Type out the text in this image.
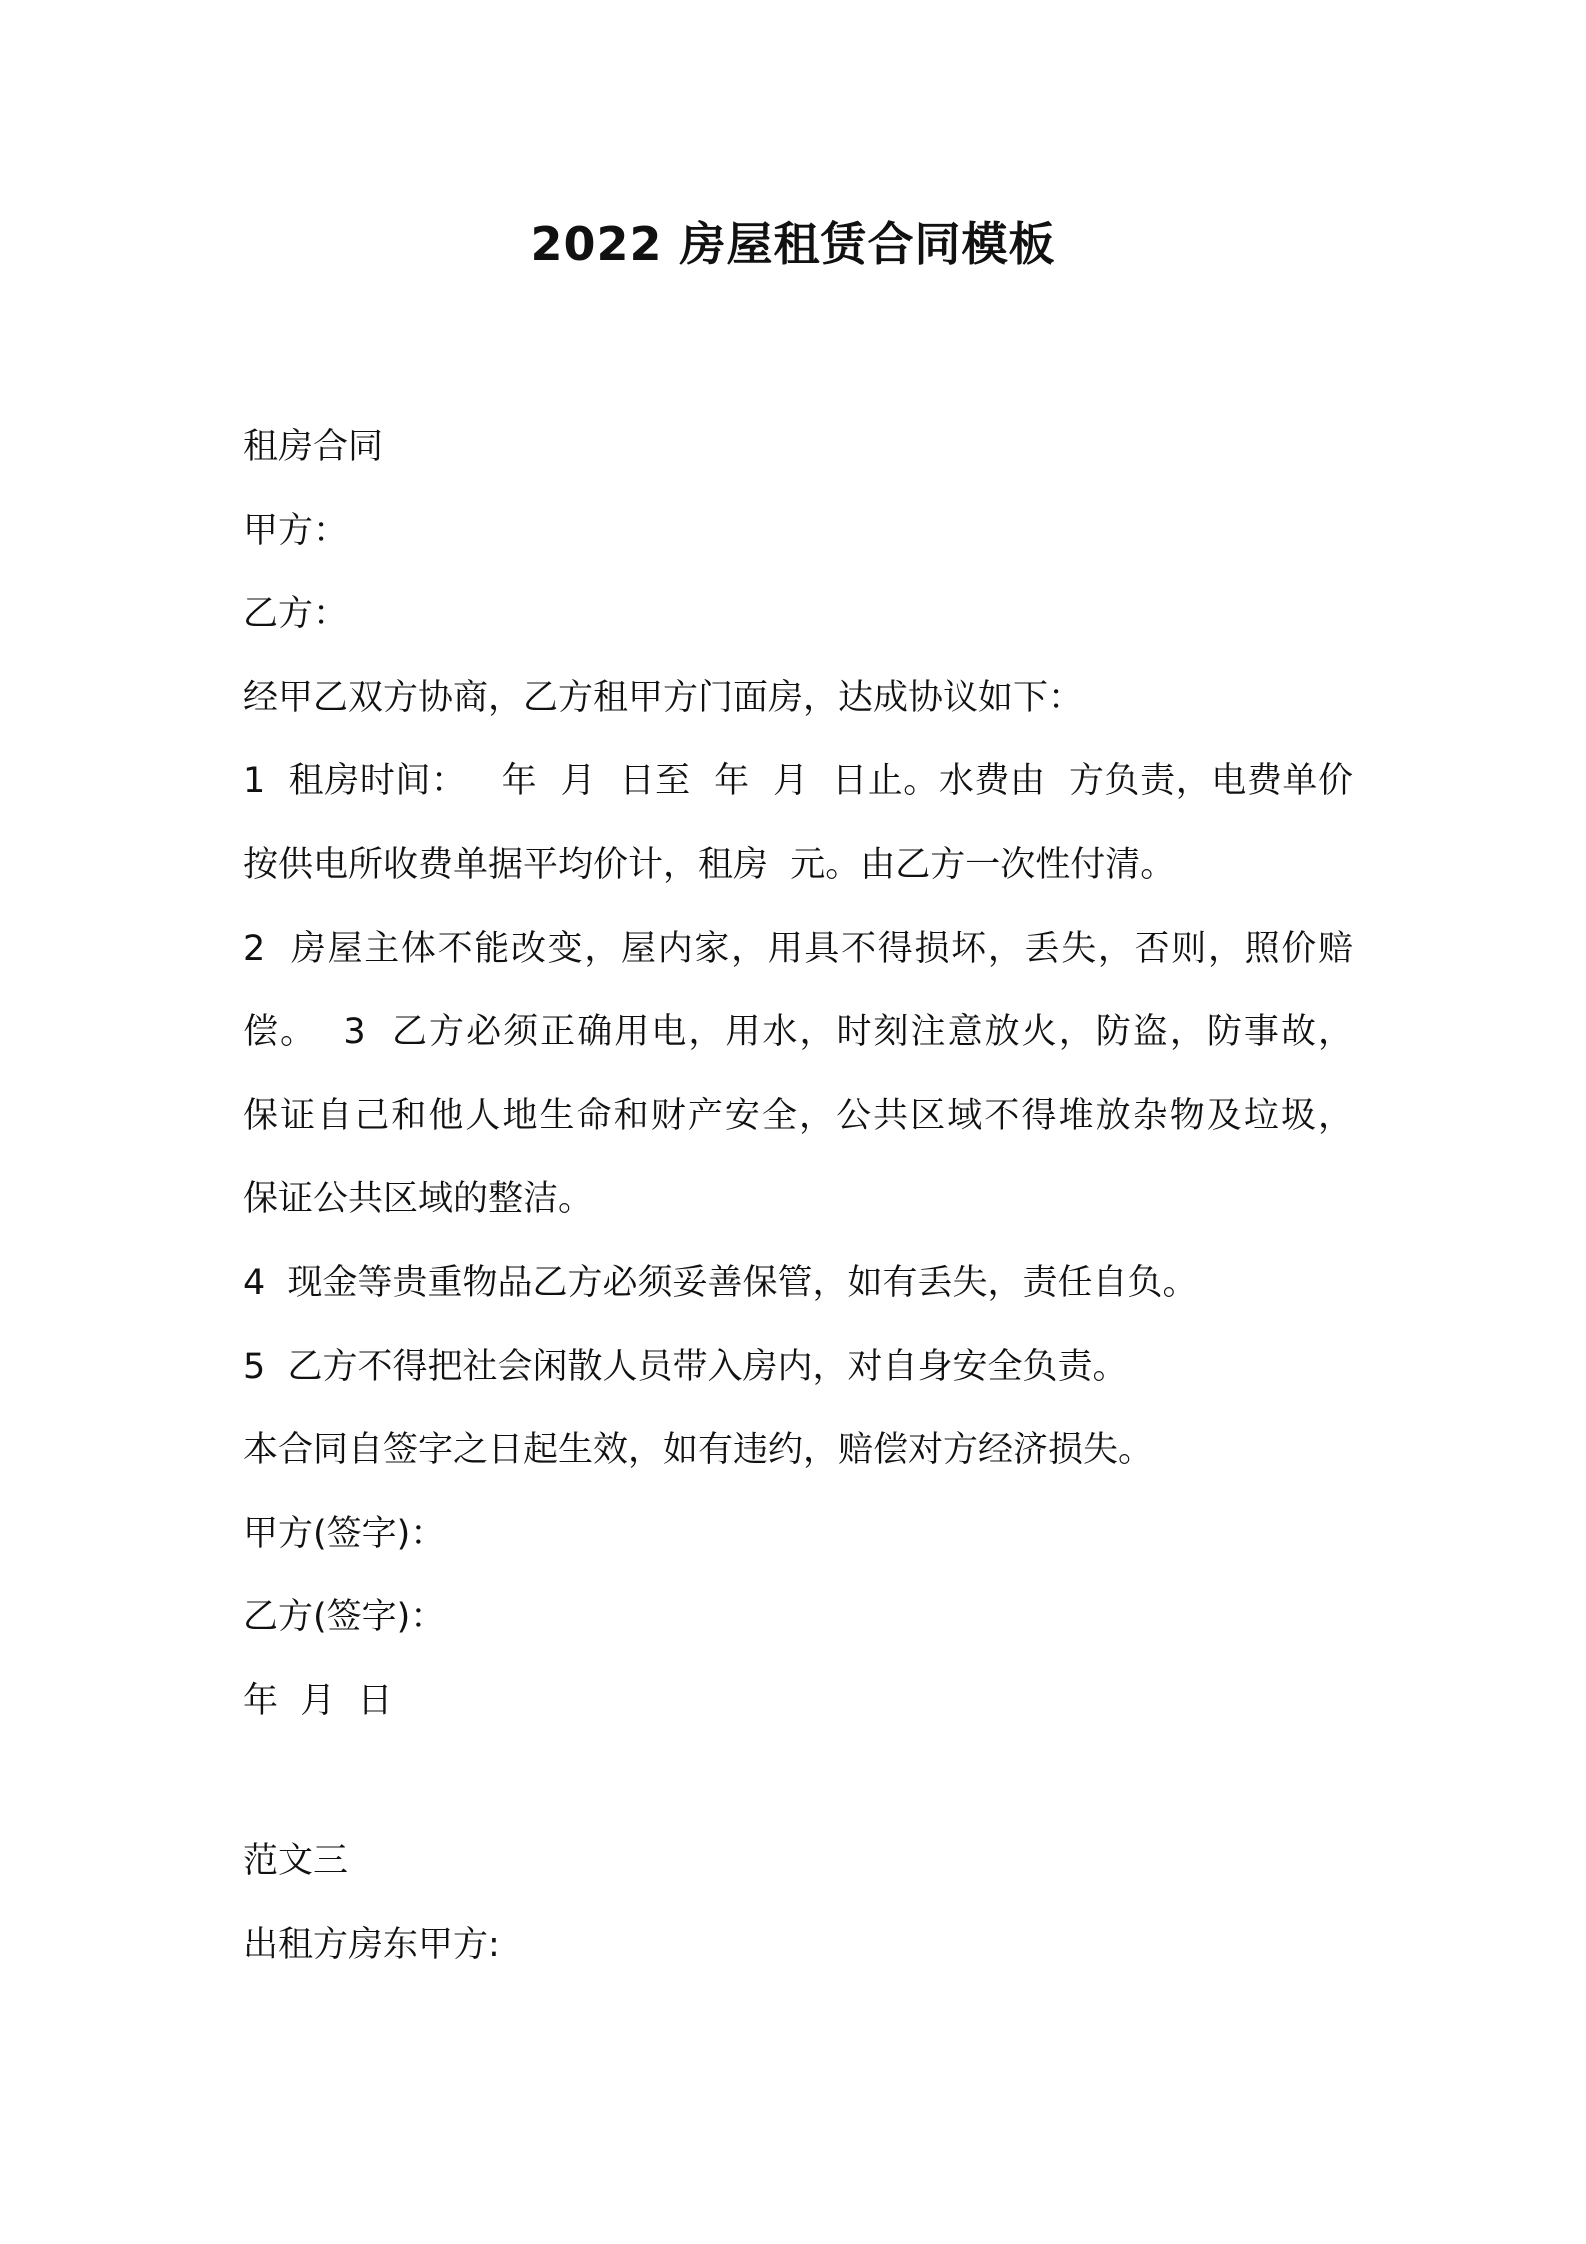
2022 房屋租赁合同模板

租房合同

甲方：

乙方：

经甲乙双方协商，乙方租甲方门面房，达成协议如下：

1  租房时间：   年  月  日至  年  月  日止。水费由  方负责，电费单价

按供电所收费单据平均价计，租房  元。由乙方一次性付清。

2  房屋主体不能改变，屋内家，用具不得损坏，丢失，否则，照价赔

偿。  3  乙方必须正确用电，用水，时刻注意放火，防盗，防事故，

保证自己和他人地生命和财产安全，公共区域不得堆放杂物及垃圾，

保证公共区域的整洁。

4  现金等贵重物品乙方必须妥善保管，如有丢失，责任自负。

5  乙方不得把社会闲散人员带入房内，对自身安全负责。

本合同自签字之日起生效，如有违约，赔偿对方经济损失。

甲方(签字)：

乙方(签字)：

年  月  日

范文三

出租方房东甲方:
